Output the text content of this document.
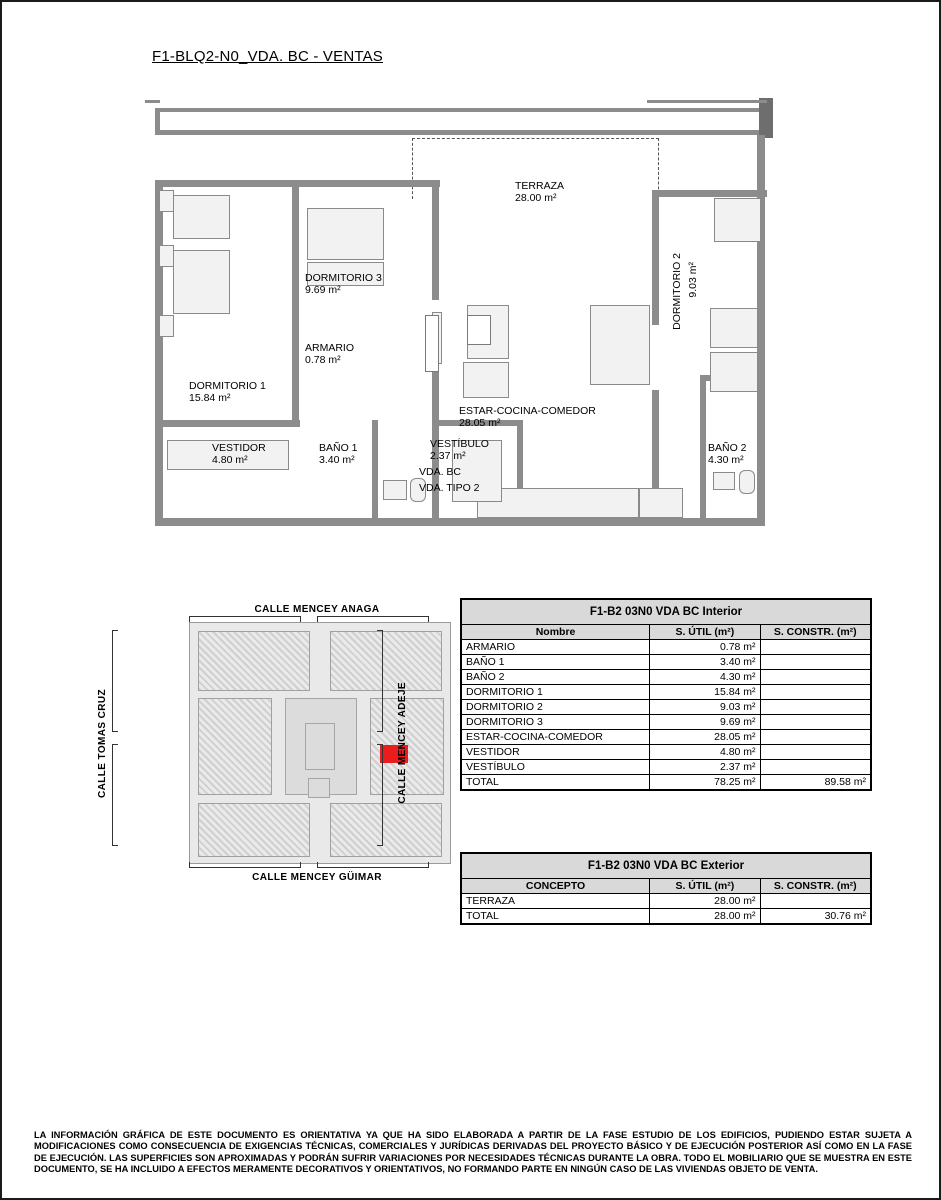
F1-BLQ2-N0_VDA. BC - VENTAS
TERRAZA
28.00 m²
DORMITORIO 3
9.69 m²
ARMARIO
0.78 m²
DORMITORIO 1
15.84 m²
DORMITORIO 2 9.03 m²
ESTAR-COCINA-COMEDOR
28.05 m²
VESTIDOR
4.80 m²
BAÑO 1
3.40 m²
BAÑO 2
4.30 m²
VESTÍBULO
2.37 m²
VDA. BC
VDA. TIPO 2
CALLE MENCEY ANAGA
CALLE TOMAS CRUZ	CALLE MENCEY ADEJE
CALLE MENCEY GÜIMAR
F1-B2 03N0 VDA BC Interior		
Nombre	S. ÚTIL (m²)	S. CONSTR. (m²)
ARMARIO	0.78 m²	
BAÑO 1	3.40 m²	
BAÑO 2	4.30 m²	
DORMITORIO 1	15.84 m²	
DORMITORIO 2	9.03 m²	
DORMITORIO 3	9.69 m²	
ESTAR-COCINA-COMEDOR	28.05 m²	
VESTIDOR	4.80 m²	
VESTÍBULO	2.37 m²	
TOTAL	78.25 m²	89.58 m²
F1-B2 03N0 VDA BC Exterior		
CONCEPTO	S. ÚTIL (m²)	S. CONSTR. (m²)
TERRAZA	28.00 m²	
TOTAL	28.00 m²	30.76 m²
LA INFORMACIÓN GRÁFICA DE ESTE DOCUMENTO ES ORIENTATIVA YA QUE HA SIDO ELABORADA A PARTIR DE LA FASE ESTUDIO DE LOS EDIFICIOS, PUDIENDO ESTAR SUJETA A MODIFICACIONES COMO CONSECUENCIA DE EXIGENCIAS TÉCNICAS, COMERCIALES Y JURÍDICAS DERIVADAS DEL PROYECTO BÁSICO Y DE EJECUCIÓN POSTERIOR ASÍ COMO EN LA FASE DE EJECUCIÓN. LAS SUPERFICIES SON APROXIMADAS Y PODRÁN SUFRIR VARIACIONES POR NECESIDADES TÉCNICAS DURANTE LA OBRA. TODO EL MOBILIARIO QUE SE MUESTRA EN ESTE DOCUMENTO, SE HA INCLUIDO A EFECTOS MERAMENTE DECORATIVOS Y ORIENTATIVOS, NO FORMANDO PARTE EN NINGÚN CASO DE LAS VIVIENDAS OBJETO DE VENTA.
